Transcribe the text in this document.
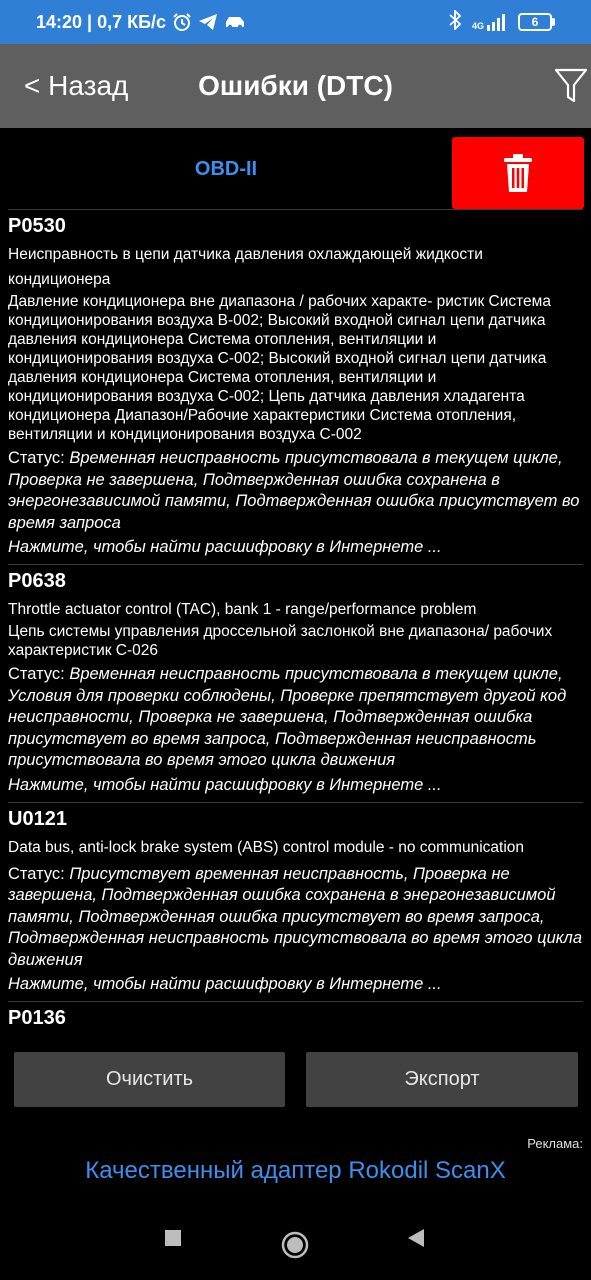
14:20 | 0,7 КБ/с	4G	6
< Назад	Ошибки (DTC)
OBD-II
P0530
Неисправность в цепи датчика давления охлаждающей жидкости кондиционера
Давление кондиционера вне диапазона / рабочих характе- ристик Система кондиционирования воздуха В-002; Высокий входной сигнал цепи датчика давления кондиционера Система отопления, вентиляции и кондиционирования воздуха С-002; Высокий входной сигнал цепи датчика давления кондиционера Система отопления, вентиляции и кондиционирования воздуха С-002; Цепь датчика давления хладагента кондиционера Диапазон/Рабочие характеристики Система отопления, вентиляции и кондиционирования воздуха С-002
Статус: Временная неисправность присутствовала в текущем цикле, Проверка не завершена, Подтвержденная ошибка сохранена в энергонезависимой памяти, Подтвержденная ошибка присутствует во время запроса
Нажмите, чтобы найти расшифровку в Интернете ...
P0638
Throttle actuator control (TAC), bank 1 - range/performance problem
Цепь системы управления дроссельной заслонкой вне диапазона/ рабочих характеристик С-026
Статус: Временная неисправность присутствовала в текущем цикле, Условия для проверки соблюдены, Проверке препятствует другой код неисправности, Проверка не завершена, Подтвержденная ошибка присутствует во время запроса, Подтвержденная неисправность присутствовала во время этого цикла движения
Нажмите, чтобы найти расшифровку в Интернете ...
U0121
Data bus, anti-lock brake system (ABS) control module - no communication
Статус: Присутствует временная неисправность, Проверка не завершена, Подтвержденная ошибка сохранена в энергонезависимой памяти, Подтвержденная ошибка присутствует во время запроса, Подтвержденная неисправность присутствовала во время этого цикла движения
Нажмите, чтобы найти расшифровку в Интернете ...
P0136
Очистить	Экспорт
Реклама:
Качественный адаптер Rokodil ScanX
